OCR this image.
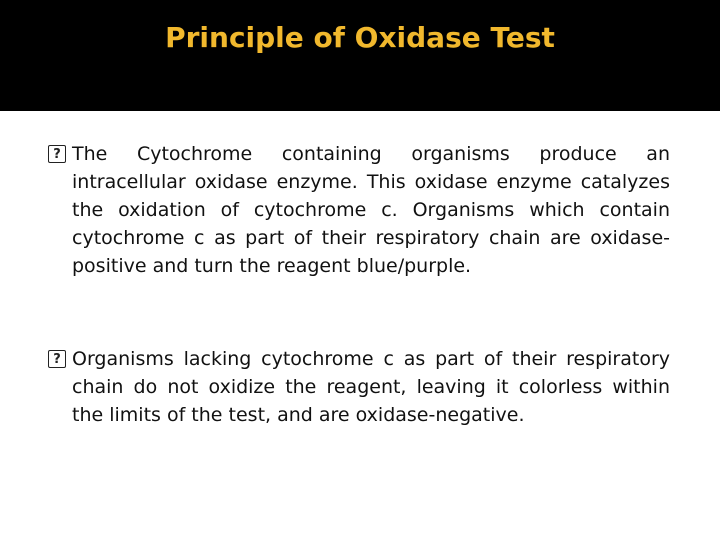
Principle of Oxidase Test
? The Cytochrome containing organisms produce an intracellular oxidase enzyme. This oxidase enzyme catalyzes the oxidation of cytochrome c. Organisms which contain cytochrome c as part of their respiratory chain are oxidase-positive and turn the reagent blue/purple.

? Organisms lacking cytochrome c as part of their respiratory chain do not oxidize the reagent, leaving it colorless within the limits of the test, and are oxidase-negative.
